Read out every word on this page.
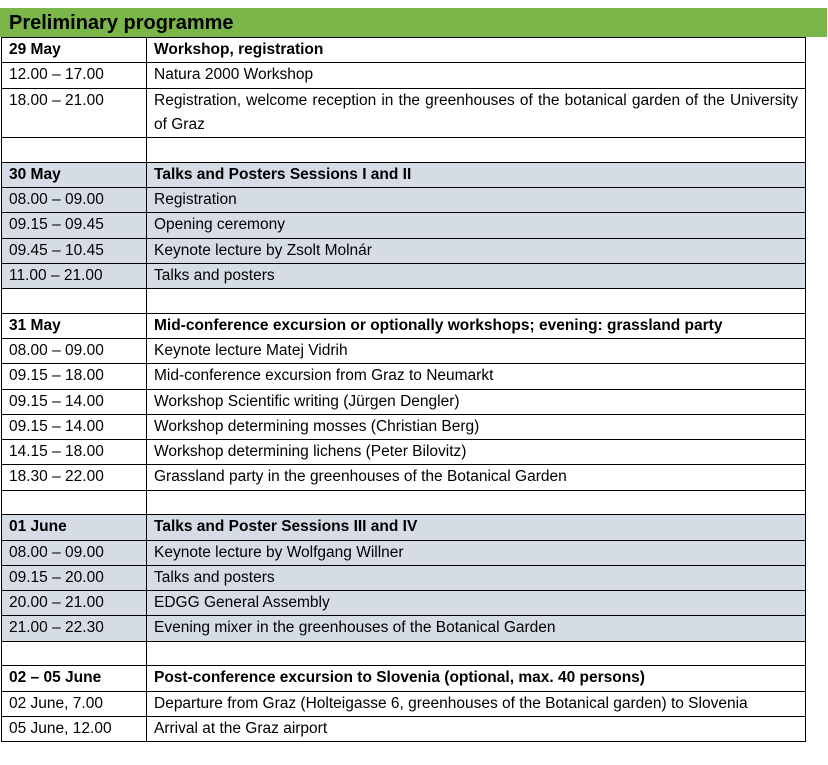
Preliminary programme
29 May	Workshop, registration
12.00 – 17.00	Natura 2000 Workshop
18.00 – 21.00	Registration, welcome reception in the greenhouses of the botanical garden of the University of Graz

30 May	Talks and Posters Sessions I and II
08.00 – 09.00	Registration
09.15 – 09.45	Opening ceremony
09.45 – 10.45	Keynote lecture by Zsolt Molnár
11.00 – 21.00	Talks and posters

31 May	Mid-conference excursion or optionally workshops; evening: grassland party
08.00 – 09.00	Keynote lecture Matej Vidrih
09.15 – 18.00	Mid-conference excursion from Graz to Neumarkt
09.15 – 14.00	Workshop Scientific writing (Jürgen Dengler)
09.15 – 14.00	Workshop determining mosses (Christian Berg)
14.15 – 18.00	Workshop determining lichens (Peter Bilovitz)
18.30 – 22.00	Grassland party in the greenhouses of the Botanical Garden

01 June	Talks and Poster Sessions III and IV
08.00 – 09.00	Keynote lecture by Wolfgang Willner
09.15 – 20.00	Talks and posters
20.00 – 21.00	EDGG General Assembly
21.00 – 22.30	Evening mixer in the greenhouses of the Botanical Garden

02 – 05 June	Post-conference excursion to Slovenia (optional, max. 40 persons)
02 June, 7.00	Departure from Graz (Holteigasse 6, greenhouses of the Botanical garden) to Slovenia
05 June, 12.00	Arrival at the Graz airport
